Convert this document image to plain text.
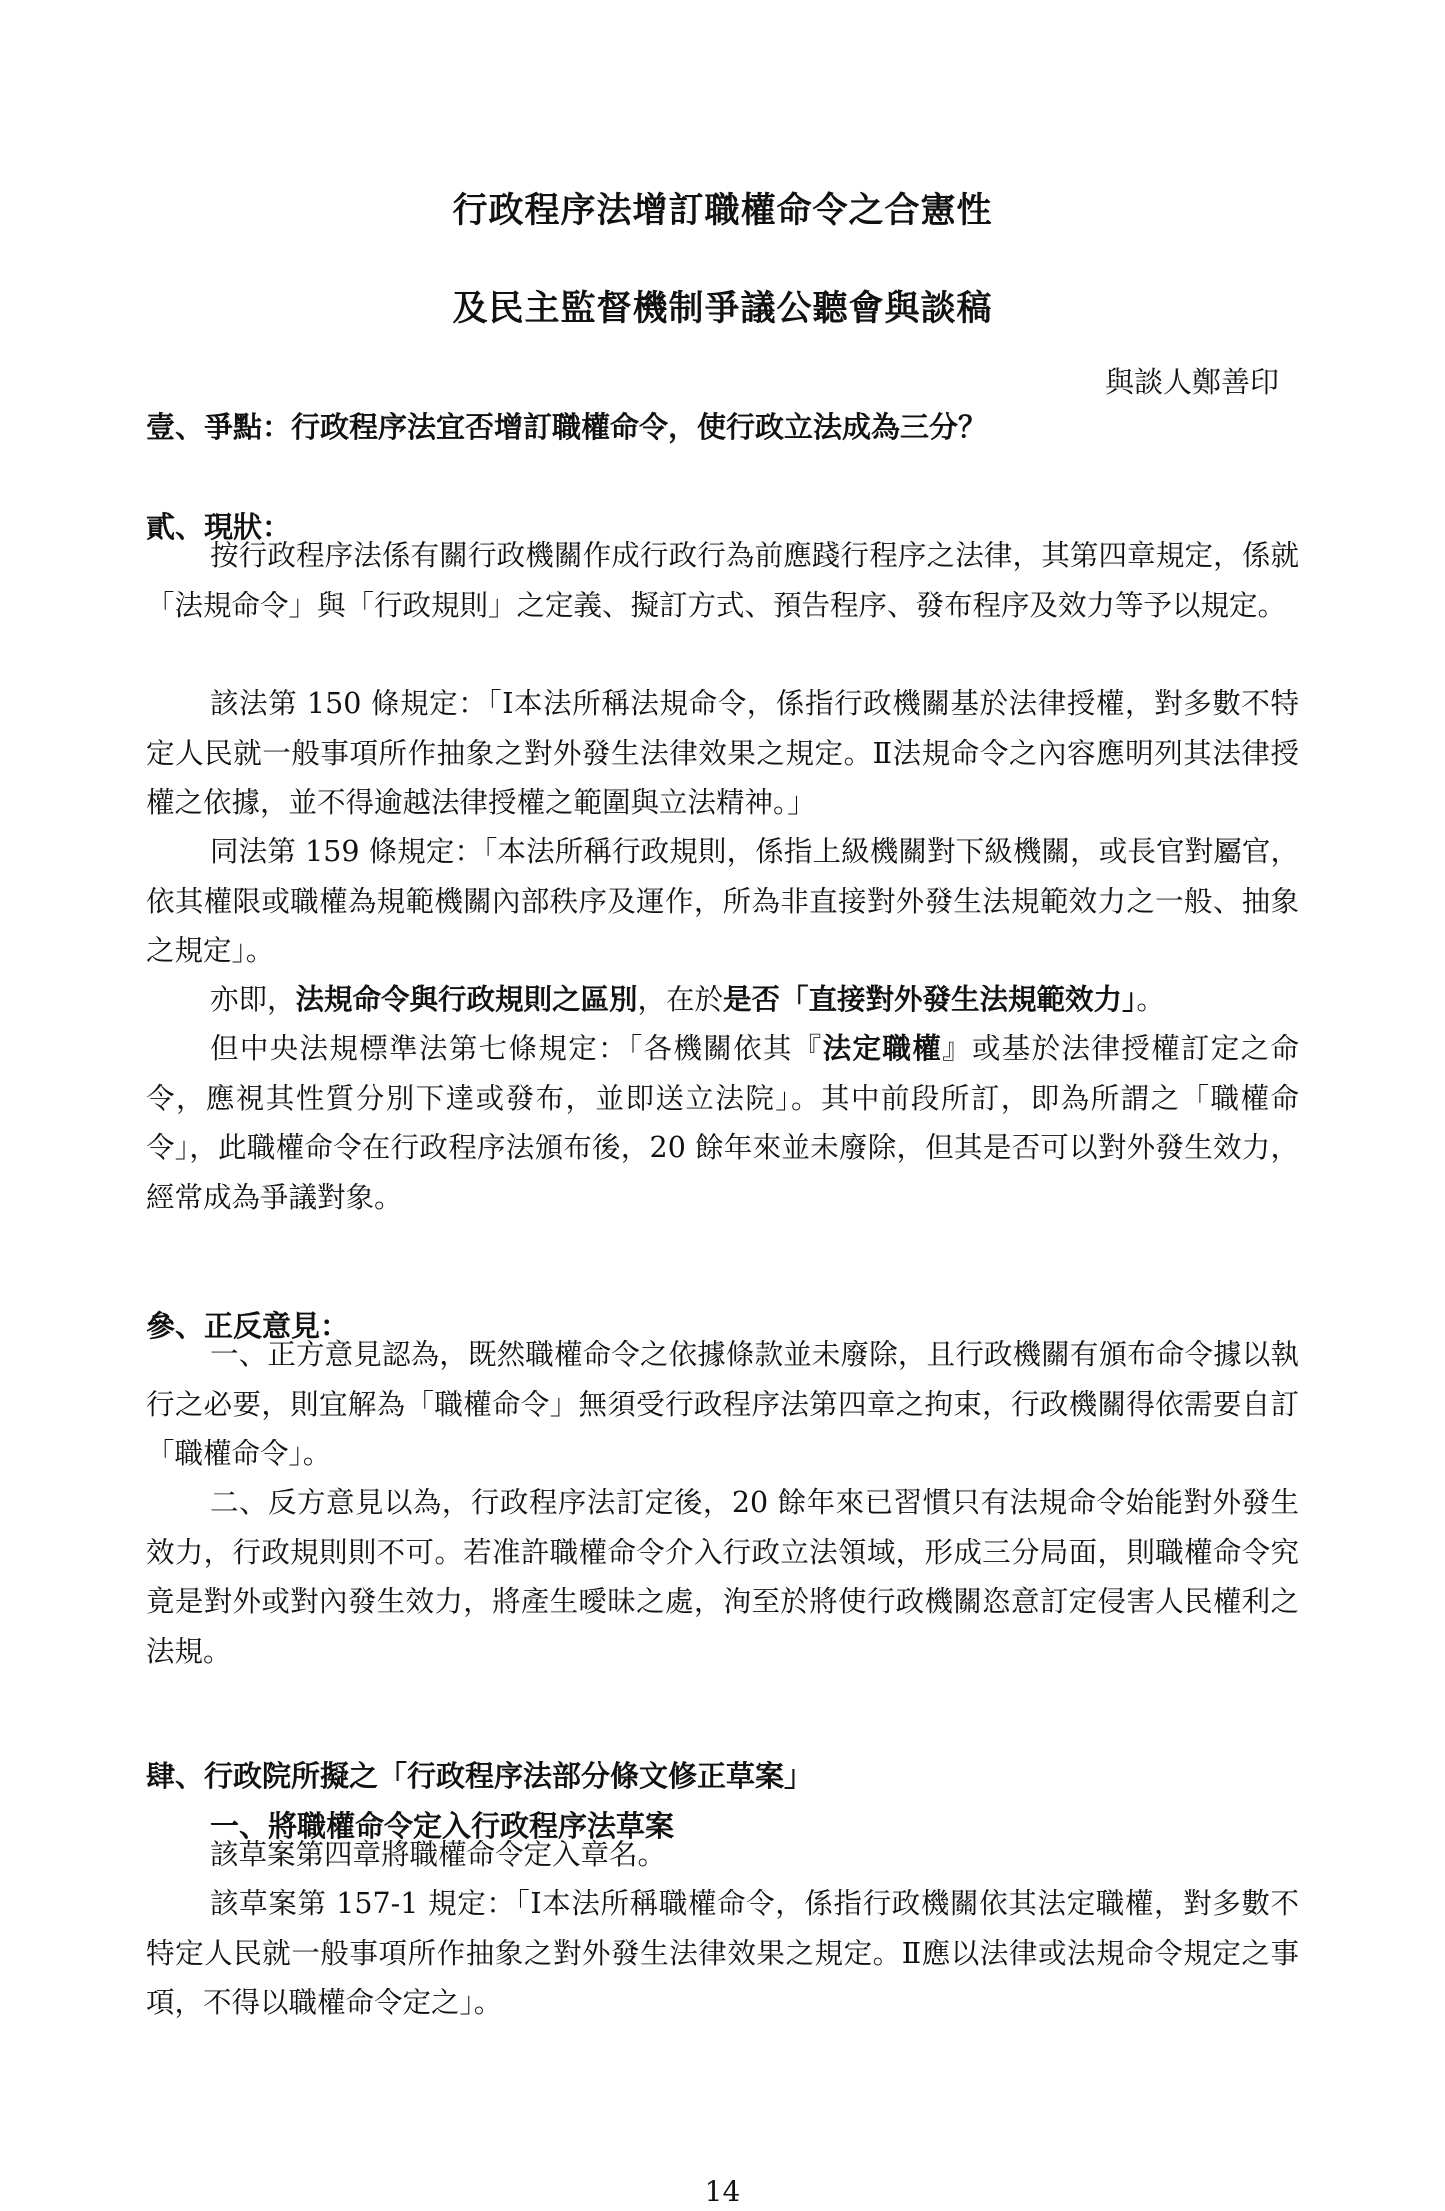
行政程序法增訂職權命令之合憲性
及民主監督機制爭議公聽會與談稿
與談人鄭善印
壹、爭點：行政程序法宜否增訂職權命令，使行政立法成為三分？
貳、現狀：

按行政程序法係有關行政機關作成行政行為前應踐行程序之法律，其第四章規定，係就「法規命令」與「行政規則」之定義、擬訂方式、預告程序、發布程序及效力等予以規定。

該法第 150 條規定：「Ⅰ本法所稱法規命令，係指行政機關基於法律授權，對多數不特定人民就一般事項所作抽象之對外發生法律效果之規定。Ⅱ法規命令之內容應明列其法律授權之依據，並不得逾越法律授權之範圍與立法精神。」

同法第 159 條規定：「本法所稱行政規則，係指上級機關對下級機關，或長官對屬官，依其權限或職權為規範機關內部秩序及運作，所為非直接對外發生法規範效力之一般、抽象之規定」。

亦即，法規命令與行政規則之區別，在於是否「直接對外發生法規範效力」。

但中央法規標準法第七條規定：「各機關依其『法定職權』或基於法律授權訂定之命令，應視其性質分別下達或發布，並即送立法院」。其中前段所訂，即為所謂之「職權命令」，此職權命令在行政程序法頒布後，20 餘年來並未廢除，但其是否可以對外發生效力，經常成為爭議對象。

參、正反意見：

一、正方意見認為，既然職權命令之依據條款並未廢除，且行政機關有頒布命令據以執行之必要，則宜解為「職權命令」無須受行政程序法第四章之拘束，行政機關得依需要自訂「職權命令」。

二、反方意見以為，行政程序法訂定後，20 餘年來已習慣只有法規命令始能對外發生效力，行政規則則不可。若准許職權命令介入行政立法領域，形成三分局面，則職權命令究竟是對外或對內發生效力，將產生曖昧之處，洵至於將使行政機關恣意訂定侵害人民權利之法規。

肆、行政院所擬之「行政程序法部分條文修正草案」
一、將職權命令定入行政程序法草案

該草案第四章將職權命令定入章名。

該草案第 157-1 規定：「Ⅰ本法所稱職權命令，係指行政機關依其法定職權，對多數不特定人民就一般事項所作抽象之對外發生法律效果之規定。Ⅱ應以法律或法規命令規定之事項，不得以職權命令定之」。

14
